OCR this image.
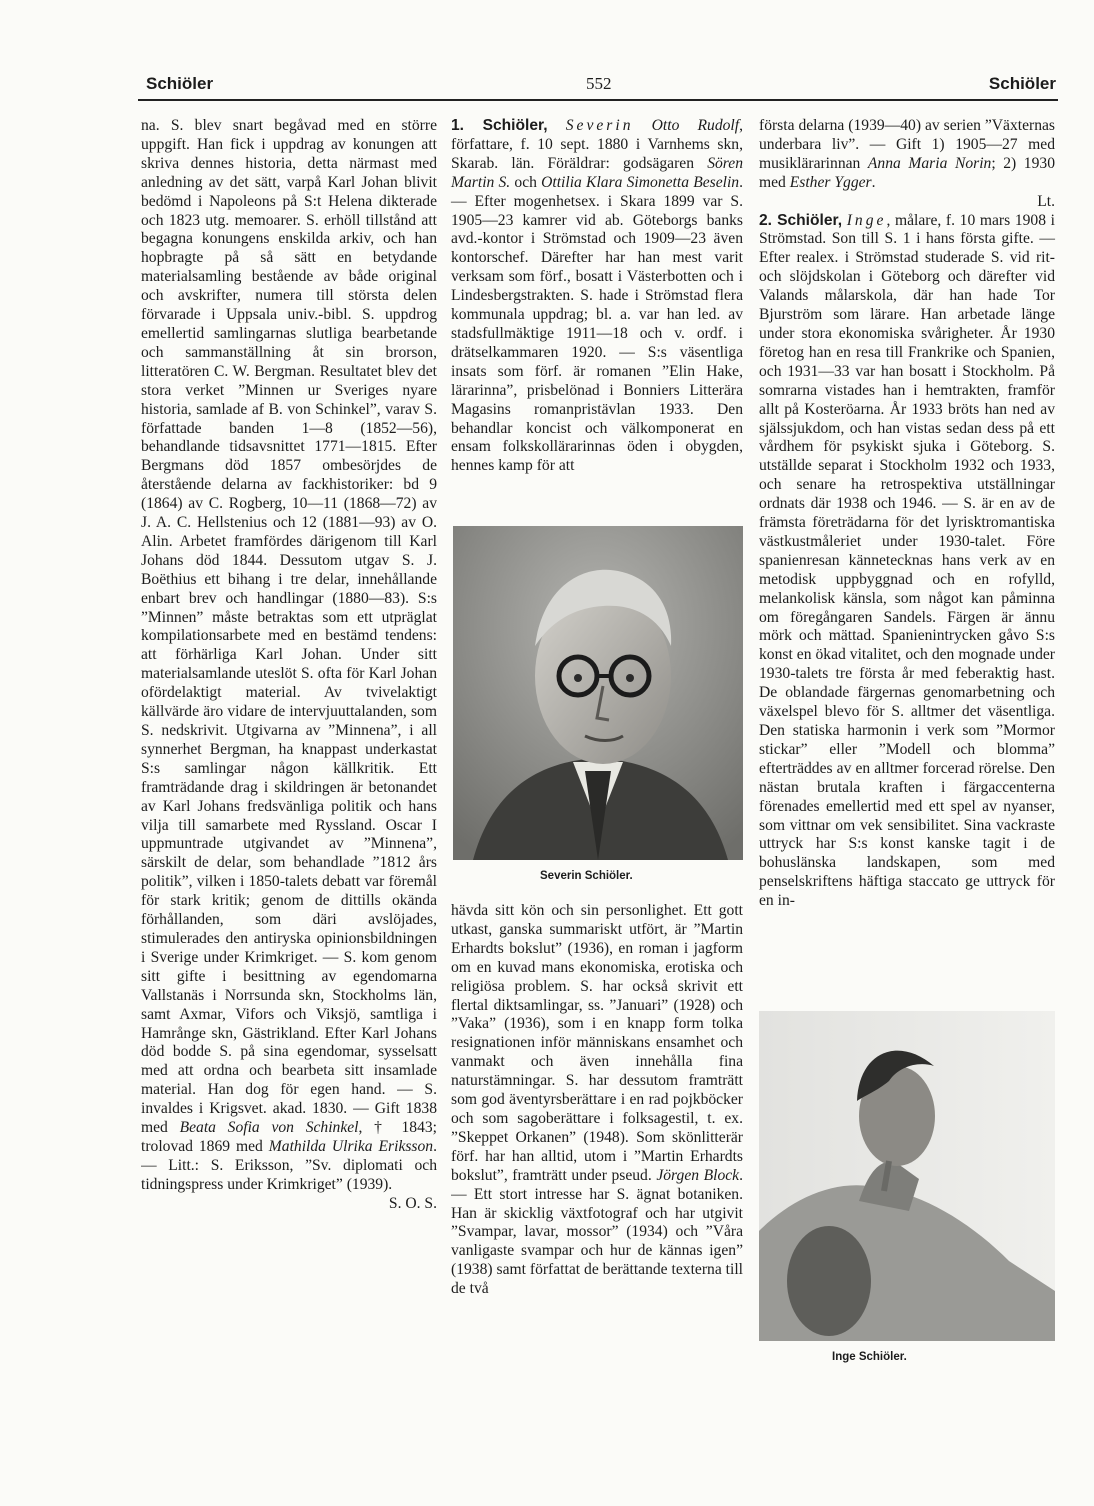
Schiöler	552	Schiöler

na. S. blev snart begåvad med en större uppgift. Han fick i uppdrag av konungen att skriva dennes historia, detta närmast med anledning av det sätt, varpå Karl Johan blivit bedömd i Napoleons på S:t Helena dikterade och 1823 utg. memoarer. S. erhöll tillstånd att begagna konungens enskilda arkiv, och han hopbragte på så sätt en betydande materialsamling bestående av både original och avskrifter, numera till största delen förvarade i Uppsala univ.-bibl. S. uppdrog emellertid samlingarnas slutliga bearbetande och sammanställning åt sin brorson, litteratören C. W. Bergman. Resultatet blev det stora verket ”Minnen ur Sveriges nyare historia, samlade af B. von Schinkel”, varav S. författade banden 1—8 (1852—56), behandlande tidsavsnittet 1771—1815. Efter Bergmans död 1857 ombesörjdes de återstående delarna av fackhistoriker: bd 9 (1864) av C. Rogberg, 10—11 (1868—72) av J. A. C. Hellstenius och 12 (1881—93) av O. Alin. Arbetet framfördes därigenom till Karl Johans död 1844. Dessutom utgav S. J. Boëthius ett bihang i tre delar, innehållande enbart brev och handlingar (1880—83). S:s ”Minnen” måste betraktas som ett utpräglat kompilationsarbete med en bestämd tendens: att förhärliga Karl Johan. Under sitt materialsamlande uteslöt S. ofta för Karl Johan ofördelaktigt material. Av tvivelaktigt källvärde äro vidare de intervjuuttalanden, som S. nedskrivit. Utgivarna av ”Minnena”, i all synnerhet Bergman, ha knappast underkastat S:s samlingar någon källkritik. Ett framträdande drag i skildringen är betonandet av Karl Johans fredsvänliga politik och hans vilja till samarbete med Ryssland. Oscar I uppmuntrade utgivandet av ”Minnena”, särskilt de delar, som behandlade ”1812 års politik”, vilken i 1850-talets debatt var föremål för stark kritik; genom de dittills okända förhållanden, som däri avslöjades, stimulerades den antiryska opinionsbildningen i Sverige under Krimkriget. — S. kom genom sitt gifte i besittning av egendomarna Vallstanäs i Norrsunda skn, Stockholms län, samt Axmar, Vifors och Viksjö, samtliga i Hamrånge skn, Gästrikland. Efter Karl Johans död bodde S. på sina egendomar, sysselsatt med att ordna och bearbeta sitt insamlade material. Han dog för egen hand. — S. invaldes i Krigsvet. akad. 1830. — Gift 1838 med Beata Sofia von Schinkel, † 1843; trolovad 1869 med Mathilda Ulrika Eriksson. — Litt.: S. Eriksson, ”Sv. diplomati och tidningspress under Krimkriget” (1939).

S. O. S.

1. Schiöler, Severin Otto Rudolf, författare, f. 10 sept. 1880 i Varnhems skn, Skarab. län. Föräldrar: godsägaren Sören Martin S. och Ottilia Klara Simonetta Beselin. — Efter mogenhetsex. i Skara 1899 var S. 1905—23 kamrer vid ab. Göteborgs banks avd.-kontor i Strömstad och 1909—23 även kontorschef. Därefter har han mest varit verksam som förf., bosatt i Västerbotten och i Lindesbergstrakten. S. hade i Strömstad flera kommunala uppdrag; bl. a. var han led. av stadsfullmäktige 1911—18 och v. ordf. i drätselkammaren 1920. — S:s väsentliga insats som förf. är romanen ”Elin Hake, lärarinna”, prisbelönad i Bonniers Litterära Magasins romanpristävlan 1933. Den behandlar koncist och välkomponerat en ensam folkskollärarinnas öden i obygden, hennes kamp för att

Severin Schiöler.

hävda sitt kön och sin personlighet. Ett gott utkast, ganska summariskt utfört, är ”Martin Erhardts bokslut” (1936), en roman i jagform om en kuvad mans ekonomiska, erotiska och religiösa problem. S. har också skrivit ett flertal diktsamlingar, ss. ”Januari” (1928) och ”Vaka” (1936), som i en knapp form tolka resignationen inför människans ensamhet och vanmakt och även innehålla fina naturstämningar. S. har dessutom framträtt som god äventyrsberättare i en rad pojkböcker och som sagoberättare i folksagestil, t. ex. ”Skeppet Orkanen” (1948). Som skönlitterär förf. har han alltid, utom i ”Martin Erhardts bokslut”, framträtt under pseud. Jörgen Block. — Ett stort intresse har S. ägnat botaniken. Han är skicklig växtfotograf och har utgivit ”Svampar, lavar, mossor” (1934) och ”Våra vanligaste svampar och hur de kännas igen” (1938) samt författat de berättande texterna till de två

första delarna (1939—40) av serien ”Växternas underbara liv”. — Gift 1) 1905—27 med musiklärarinnan Anna Maria Norin; 2) 1930 med Esther Ygger.

Lt.

2. Schiöler, Inge, målare, f. 10 mars 1908 i Strömstad. Son till S. 1 i hans första gifte. — Efter realex. i Strömstad studerade S. vid rit- och slöjdskolan i Göteborg och därefter vid Valands målarskola, där han hade Tor Bjurström som lärare. Han arbetade länge under stora ekonomiska svårigheter. År 1930 företog han en resa till Frankrike och Spanien, och 1931—33 var han bosatt i Stockholm. På somrarna vistades han i hemtrakten, framför allt på Kosteröarna. År 1933 bröts han ned av själssjukdom, och han vistas sedan dess på ett vårdhem för psykiskt sjuka i Göteborg. S. utställde separat i Stockholm 1932 och 1933, och senare ha retrospektiva utställningar ordnats där 1938 och 1946. — S. är en av de främsta företrädarna för det lyrisktromantiska västkustmåleriet under 1930-talet. Före spanienresan kännetecknas hans verk av en metodisk uppbyggnad och en rofylld, melankolisk känsla, som något kan påminna om föregångaren Sandels. Färgen är ännu mörk och mättad. Spanienintrycken gåvo S:s konst en ökad vitalitet, och den mognade under 1930-talets tre första år med feberaktig hast. De oblandade färgernas genomarbetning och växelspel blevo för S. alltmer det väsentliga. Den statiska harmonin i verk som ”Mormor stickar” eller ”Modell och blomma” efterträddes av en alltmer forcerad rörelse. Den nästan brutala kraften i färgaccenterna förenades emellertid med ett spel av nyanser, som vittnar om vek sensibilitet. Sina vackraste uttryck har S:s konst kanske tagit i de bohuslänska landskapen, som med penselskriftens häftiga staccato ge uttryck för en in-

Inge Schiöler.
